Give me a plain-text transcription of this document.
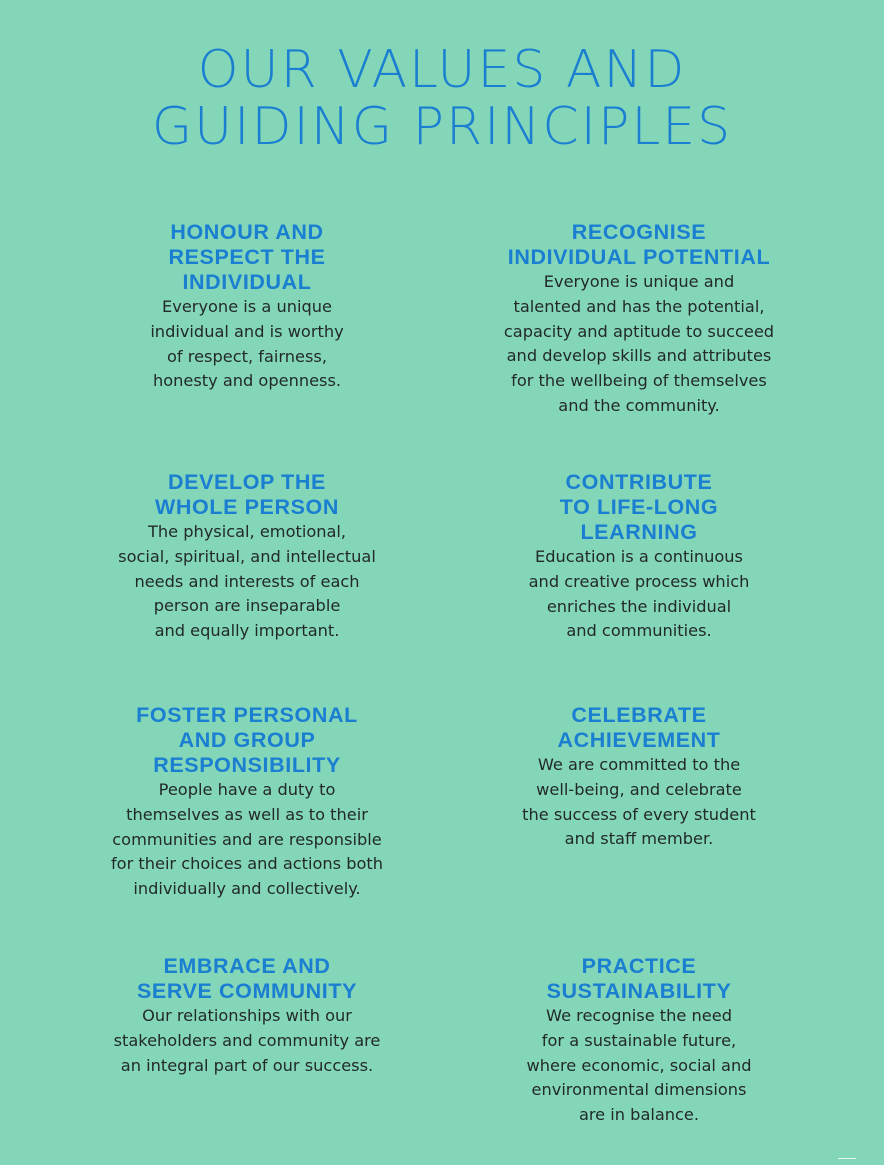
OUR VALUES AND
GUIDING PRINCIPLES
HONOUR AND
RESPECT THE
INDIVIDUAL

Everyone is a unique
individual and is worthy
of respect, fairness,
honesty and openness.

RECOGNISE
INDIVIDUAL POTENTIAL

Everyone is unique and
talented and has the potential,
capacity and aptitude to succeed
and develop skills and attributes
for the wellbeing of themselves
and the community.

DEVELOP THE
WHOLE PERSON

The physical, emotional,
social, spiritual, and intellectual
needs and interests of each
person are inseparable
and equally important.

CONTRIBUTE
TO LIFE-LONG
LEARNING

Education is a continuous
and creative process which
enriches the individual
and communities.

FOSTER PERSONAL
AND GROUP
RESPONSIBILITY

People have a duty to
themselves as well as to their
communities and are responsible
for their choices and actions both
individually and collectively.

CELEBRATE
ACHIEVEMENT

We are committed to the
well-being, and celebrate
the success of every student
and staff member.

EMBRACE AND
SERVE COMMUNITY

Our relationships with our
stakeholders and community are
an integral part of our success.

PRACTICE
SUSTAINABILITY

We recognise the need
for a sustainable future,
where economic, social and
environmental dimensions
are in balance.
